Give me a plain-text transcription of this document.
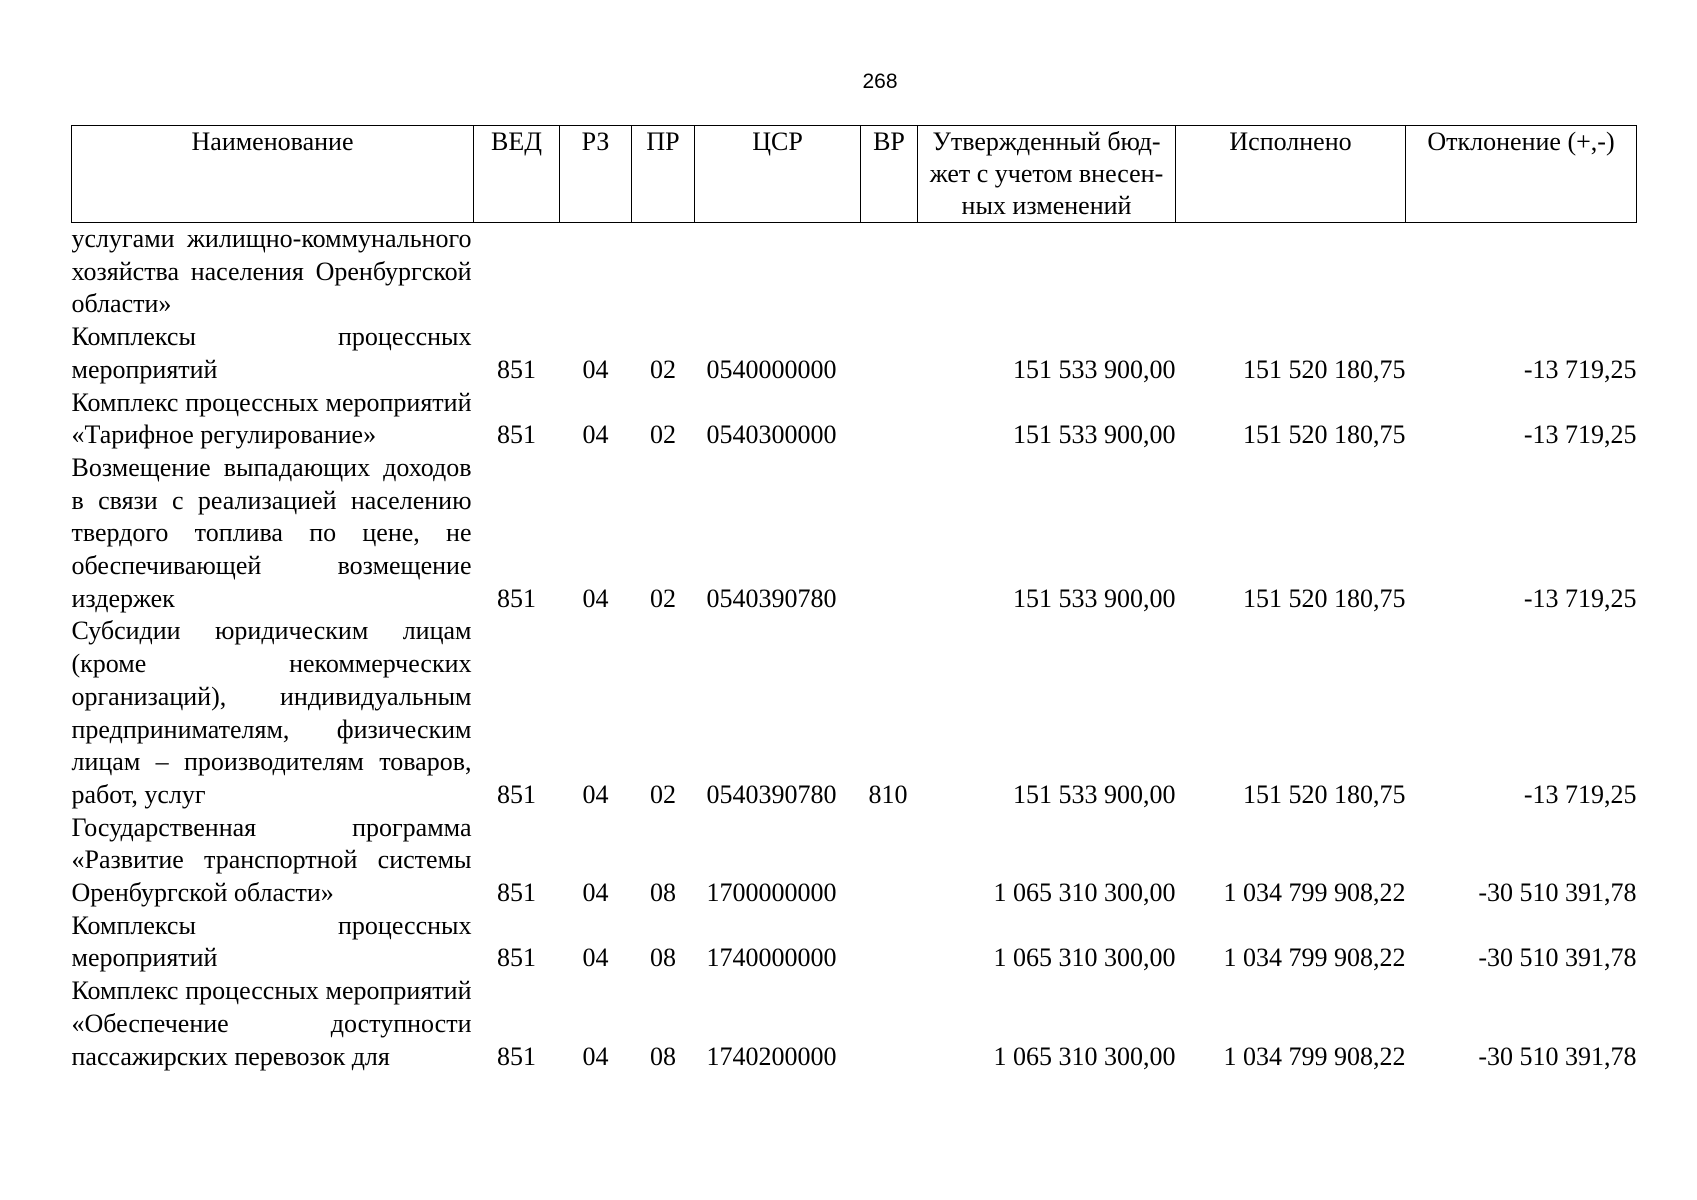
268
Наименование	ВЕД	РЗ	ПР	ЦСР	ВР	Утвержденный бюд-жет с учетом внесен-ных изменений	Исполнено	Отклонение (+,-)
услугами жилищно-коммунального хозяйства населения Оренбургской области»								
Комплексы процессных мероприятий	851	04	02	0540000000		151 533 900,00	151 520 180,75	-13 719,25
Комплекс процессных мероприятий «Тарифное регулирование»	851	04	02	0540300000		151 533 900,00	151 520 180,75	-13 719,25
Возмещение выпадающих доходов в связи с реализацией населению твердого топлива по цене, не обеспечивающей возмещение издержек	851	04	02	0540390780		151 533 900,00	151 520 180,75	-13 719,25
Субсидии юридическим лицам (кроме некоммерческих организаций), индивидуальным предпринимателям, физическим лицам – производителям товаров, работ, услуг	851	04	02	0540390780	810	151 533 900,00	151 520 180,75	-13 719,25
Государственная программа «Развитие транспортной системы Оренбургской области»	851	04	08	1700000000		1 065 310 300,00	1 034 799 908,22	-30 510 391,78
Комплексы процессных мероприятий	851	04	08	1740000000		1 065 310 300,00	1 034 799 908,22	-30 510 391,78
Комплекс процессных мероприятий «Обеспечение доступности пассажирских перевозок для	851	04	08	1740200000		1 065 310 300,00	1 034 799 908,22	-30 510 391,78
